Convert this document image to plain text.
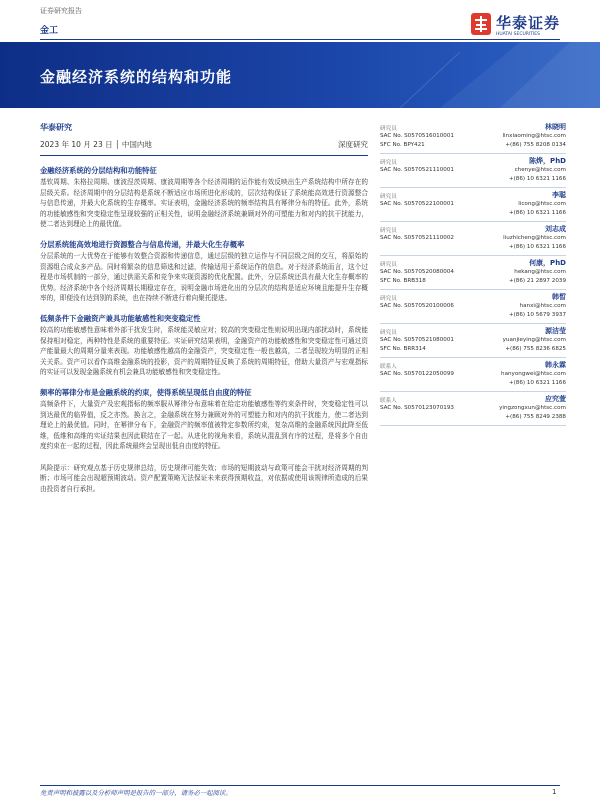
证券研究报告
金工	华泰证券
HUATAI SECURITIES
金融经济系统的结构和功能
华泰研究
2023 年 10 月 23 日 │ 中国内地	深度研究
金融经济系统的分层结构和功能特征
基钦周期、朱格拉周期、康波涅茨周期、康波周期等各个经济周期的运作能有效反映出生产系统结构中所存在的层级关系。经济周期中的分层结构是系统不断适应市场所进化形成的，层次结构保证了系统能高效进行资源整合与信息传递，并最大化系统的生存概率。实证表明，金融经济系统的频率结构具有幂律分布的特征。此外，系统的功能敏感性和突变稳定性呈现较强的正相关性，说明金融经济系统兼顾对外的可塑能力和对内的抗干扰能力，使二者达到理论上的最优值。
分层系统能高效地进行资源整合与信息传递，并最大化生存概率
分层系统的一大优势在于能够有效整合资源和传递信息，通过层级的独立运作与不同层级之间的交互，将原始的资源组合成众多产品。同时将繁杂的信息筛选和过滤，传输适用于系统运作的信息。对于经济系统而言，这个过程是市场机制的一部分，通过供需关系和竞争来实现资源的优化配置。此外，分层系统还具有最大化生存概率的优势。经济系统中各个经济周期长期稳定存在，说明金融市场进化出的分层次的结构是适应环境且能提升生存概率的，即便没有达到别的系统，也在持续不断进行着向聚托提进。
低频条件下金融资产兼具功能敏感性和突变稳定性
较高的功能敏感性意味着外部干扰发生时，系统能灵敏应对；较高的突变稳定性则说明出现内部扰动时，系统能保持相对稳定，两种特性是系统的重要特征。实证研究结果表明，金融资产的功能敏感性和突变稳定性可通过资产能量最大的周期分量来表现。功能敏感性越高的金融资产，突变稳定性一般也越高，二者呈现较为明显的正相关关系。资产可以看作高维金融系统的投影，资产的周期特征反映了系统的周期特征，借助大量资产与宏观指标的实证可以发现金融系统有机会兼具功能敏感性和突变稳定性。
频率的幂律分布是金融系统的约束，使得系统呈现低自由度的特征
高频条件下，大量资产及宏观指标的频率服从幂律分布意味着在给定功能敏感性等约束条件时，突变稳定性可以到达最优的临界值，反之亦然。换言之，金融系统在努力兼顾对外的可塑能力和对内的抗干扰能力，使二者达到理论上的最优值。同时，在幂律分布下，金融资产的频率值被特定参数所约束，复杂高维的金融系统因此降至低维，低维和高维的实证结果也因此联结在了一起。从进化的视角来看，系统从混乱到有序的过程，是将多个自由度约束在一起的过程，因此系统最终会呈现出低自由度的特征。
风险提示：研究观点基于历史规律总结，历史规律可能失效；市场的短期波动与政策可能会干扰对经济周期的判断；市场可能会出现超预期波动。资产配置策略无法保证未来获得预期收益，对依据或使用该规律所造成的后果由投资者自行承担。
研究员	林晓明
SAC No. S0570516010001	linxiaoming@htsc.com
SFC No. BPY421	+(86) 755 8208 0134
研究员	陈烨，PhD
SAC No. S0570521110001	chenye@htsc.com
+(86) 10 6321 1166
研究员	李聪
SAC No. S0570522100001	licong@htsc.com
+(86) 10 6321 1166
研究员	刘志成
SAC No. S0570521110002	liuzhicheng@htsc.com
+(86) 10 6321 1166
研究员	何康，PhD
SAC No. S0570520080004	hekang@htsc.com
SFC No. BRB318	+(86) 21 2897 2039
研究员	韩晳
SAC No. S0570520100006	hanxi@htsc.com
+(86) 10 5679 3937
研究员	源洁莹
SAC No. S0570521080001	yuanjieying@htsc.com
SFC No. BRR314	+(86) 755 8236 6825
联系人	韩永霖
SAC No. S0570122050099	hanyongwei@htsc.com
+(86) 10 6321 1166
联系人	应究萱
SAC No. S0570123070193	yingzongxun@htsc.com
+(86) 755 8249 2388
免责声明和披露以及分析师声明是报告的一部分，请务必一起阅读。	1
